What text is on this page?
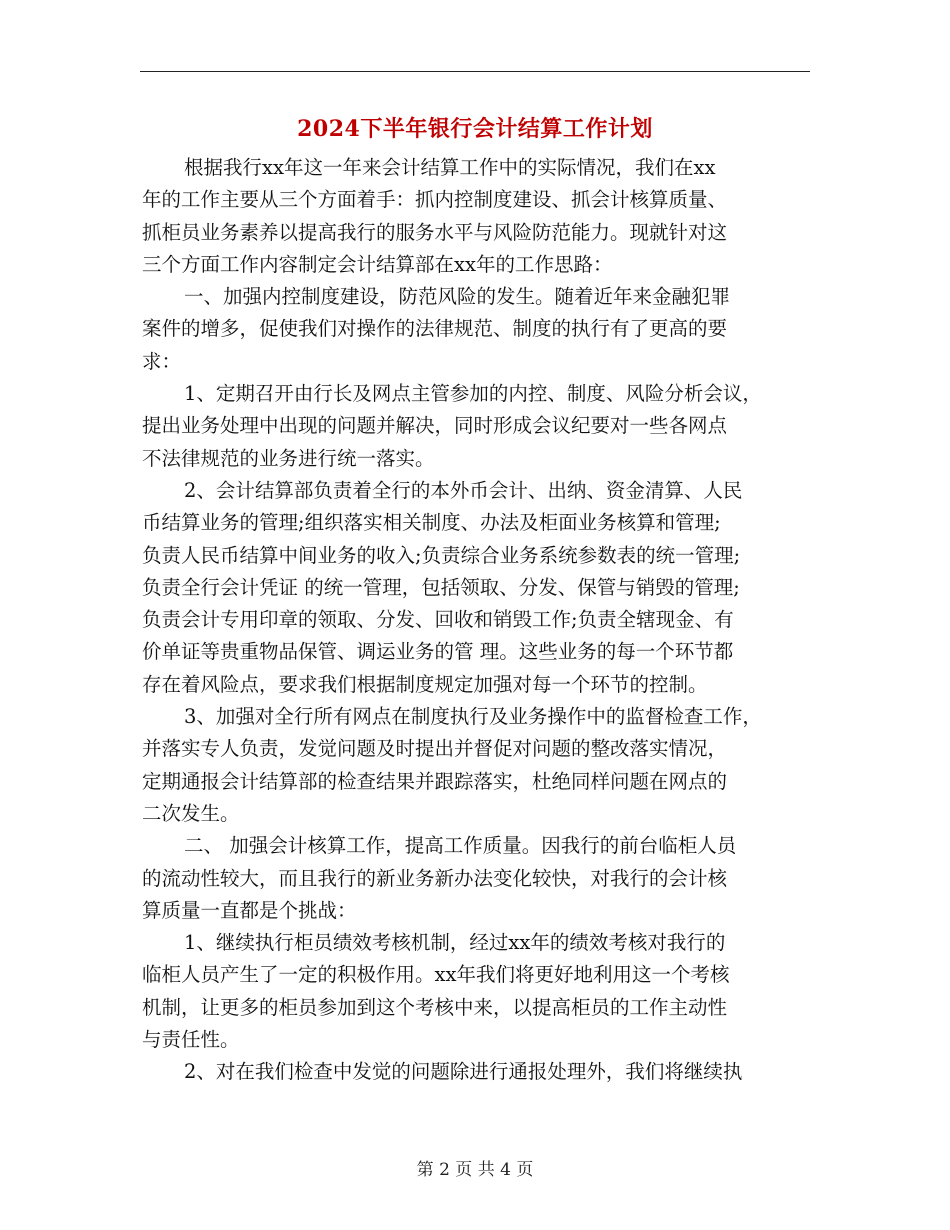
2024下半年银行会计结算工作计划
根据我行xx年这一年来会计结算工作中的实际情况，我们在xx
年的工作主要从三个方面着手：抓内控制度建设、抓会计核算质量、
抓柜员业务素养以提高我行的服务水平与风险防范能力。现就针对这
三个方面工作内容制定会计结算部在xx年的工作思路：
一、加强内控制度建设，防范风险的发生。随着近年来金融犯罪
案件的增多，促使我们对操作的法律规范、制度的执行有了更高的要
求：
1、定期召开由行长及网点主管参加的内控、制度、风险分析会议，
提出业务处理中出现的问题并解决，同时形成会议纪要对一些各网点
不法律规范的业务进行统一落实。
2、会计结算部负责着全行的本外币会计、出纳、资金清算、人民
币结算业务的管理;组织落实相关制度、办法及柜面业务核算和管理;
负责人民币结算中间业务的收入;负责综合业务系统参数表的统一管理;
负责全行会计凭证 的统一管理，包括领取、分发、保管与销毁的管理;
负责会计专用印章的领取、分发、回收和销毁工作;负责全辖现金、有
价单证等贵重物品保管、调运业务的管 理。这些业务的每一个环节都
存在着风险点，要求我们根据制度规定加强对每一个环节的控制。
3、加强对全行所有网点在制度执行及业务操作中的监督检查工作，
并落实专人负责，发觉问题及时提出并督促对问题的整改落实情况，
定期通报会计结算部的检查结果并跟踪落实，杜绝同样问题在网点的
二次发生。
二、 加强会计核算工作，提高工作质量。因我行的前台临柜人员
的流动性较大，而且我行的新业务新办法变化较快，对我行的会计核
算质量一直都是个挑战：
1、继续执行柜员绩效考核机制，经过xx年的绩效考核对我行的
临柜人员产生了一定的积极作用。xx年我们将更好地利用这一个考核
机制，让更多的柜员参加到这个考核中来，以提高柜员的工作主动性
与责任性。
2、对在我们检查中发觉的问题除进行通报处理外，我们将继续执
第 2 页 共 4 页
